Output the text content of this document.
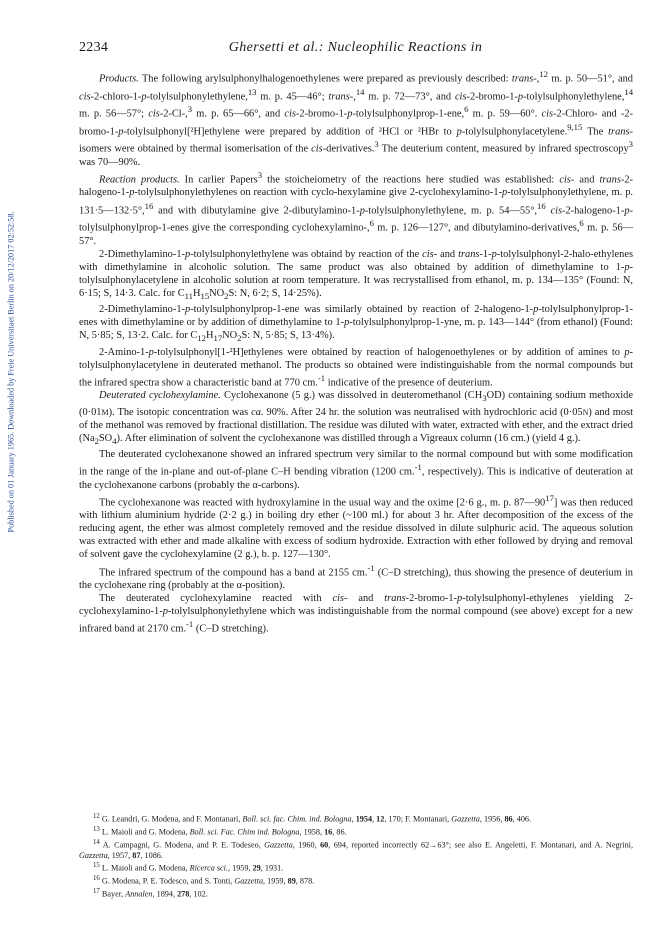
Published on 01 January 1965. Downloaded by Freie Universitaet Berlin on 20/12/2017 02:52:58.
2234	Ghersetti et al.: Nucleophilic Reactions in

Products. The following arylsulphonylhalogenoethylenes were prepared as previously described: trans-,$^{12}$ m. p. 50—51°, and cis-2-chloro-1-p-tolylsulphonylethylene,$^{13}$ m. p. 45—46°; trans-,$^{14}$ m. p. 72—73°, and cis-2-bromo-1-p-tolylsulphonylethylene,$^{14}$ m. p. 56—57°; cis-2-Cl-,$^3$ m. p. 65—66°, and cis-2-bromo-1-p-tolylsulphonylprop-1-ene,$^6$ m. p. 59—60°. cis-2-Chloro- and -2-bromo-1-p-tolylsulphonyl[²H]ethylene were prepared by addition of ²HCl or ²HBr to p-tolylsulphonylacetylene.$^{9,15}$ The trans-isomers were obtained by thermal isomerisation of the cis-derivatives.$^3$ The deuterium content, measured by infrared spectroscopy$^3$ was 70—90%.

Reaction products. In carlier Papers$^3$ the stoicheiometry of the reactions here studied was established: cis- and trans-2-halogeno-1-p-tolylsulphonylethylenes on reaction with cyclo-hexylamine give 2-cyclohexylamino-1-p-tolylsulphonylethylene, m. p. 131·5—132·5°,$^{16}$ and with dibutylamine give 2-dibutylamino-1-p-tolylsulphonylethylene, m. p. 54—55°,$^{16}$ cis-2-halogeno-1-p-tolylsulphonylprop-1-enes give the corresponding cyclohexylamino-,$^6$ m. p. 126—127°, and dibutylamino-derivatives,$^6$ m. p. 56—57°.

2-Dimethylamino-1-p-tolylsulphonylethylene was obtaind by reaction of the cis- and trans-1-p-tolylsulphonyl-2-halo-ethylenes with dimethylamine in alcoholic solution. The same product was also obtained by addition of dimethylamine to 1-p-tolylsulphonylacetylene in alcoholic solution at room temperature. It was recrystallised from ethanol, m. p. 134—135° (Found: N, 6·15; S, 14·3. Calc. for $C_{11}H_{15}NO_2S$: N, 6·2; S, 14·25%).

2-Dimethylamino-1-p-tolylsulphonylprop-1-ene was similarly obtained by reaction of 2-halogeno-1-p-tolylsulphonylprop-1-enes with dimethylamine or by addition of dimethylamine to 1-p-tolylsulphonylprop-1-yne, m. p. 143—144° (from ethanol) (Found: N, 5·85; S, 13·2. Calc. for $C_{12}H_{17}NO_2S$: N, 5·85; S, 13·4%).

2-Amino-1-p-tolylsulphonyl[1-²H]ethylenes were obtained by reaction of halogenoethylenes or by addition of amines to p-tolylsulphonylacetylene in deuterated methanol. The products so obtained were indistinguishable from the normal compounds but the infrared spectra show a characteristic band at 770 cm.$^{-1}$ indicative of the presence of deuterium.

Deuterated cyclohexylamine. Cyclohexanone (5 g.) was dissolved in deuteromethanol $(CH_3OD)$ containing sodium methoxide (0·01M). The isotopic concentration was ca. 90%. After 24 hr. the solution was neutralised with hydrochloric acid (0·05N) and most of the methanol was removed by fractional distillation. The residue was diluted with water, extracted with ether, and the extract dried $(Na_2SO_4)$. After elimination of solvent the cyclohexanone was distilled through a Vigreaux column (16 cm.) (yield 4 g.).

The deuterated cyclohexanone showed an infrared spectrum very similar to the normal compound but with some modification in the range of the in-plane and out-of-plane C–H bending vibration (1200 cm.$^{-1}$, respectively). This is indicative of deuteration at the cyclohexanone carbons (probably the α-carbons).

The cyclohexanone was reacted with hydroxylamine in the usual way and the oxime [2·6 g., m. p. $87—90^{17}$] was then reduced with lithium aluminium hydride (2·2 g.) in boiling dry ether (~100 ml.) for about 3 hr. After decomposition of the excess of the reducing agent, the ether was almost completely removed and the residue dissolved in dilute sulphuric acid. The aqueous solution was extracted with ether and made alkaline with excess of sodium hydroxide. Extraction with ether followed by drying and removal of solvent gave the cyclohexylamine (2 g.), b. p. 127—130°.

The infrared spectrum of the compound has a band at 2155 cm.$^{-1}$ (C–D stretching), thus showing the presence of deuterium in the cyclohexane ring (probably at the α-position).

The deuterated cyclohexylamine reacted with cis- and trans-2-bromo-1-p-tolylsulphonyl-ethylenes yielding 2-cyclohexylamino-1-p-tolylsulphonylethylene which was indistinguishable from the normal compound (see above) except for a new infrared band at 2170 cm.$^{-1}$ (C–D stretching).

$^{12}$ G. Leandri, G. Modena, and F. Montanari, Boll. sci. fac. Chim. ind. Bologna, 1954, 12, 170; F. Montanari, Gazzetta, 1956, 86, 406.

$^{13}$ L. Maioli and G. Modena, Boll. sci. Fac. Chim ind. Bologna, 1958, 16, 86.

$^{14}$ A. Campagni, G. Modena, and P. E. Todeseo, Gazzetta, 1960, 60, 694, reported incorrectly 62→63°; see also E. Angeletti, F. Montanari, and A. Negrini, Gazzetta, 1957, 87, 1086.

$^{15}$ L. Maioli and G. Modena, Ricerca sci., 1959, 29, 1931.

$^{16}$ G. Modena, P. E. Todesco, and S. Tonti, Gazzetta, 1959, 89, 878.

$^{17}$ Bayer, Annalen, 1894, 278, 102.
